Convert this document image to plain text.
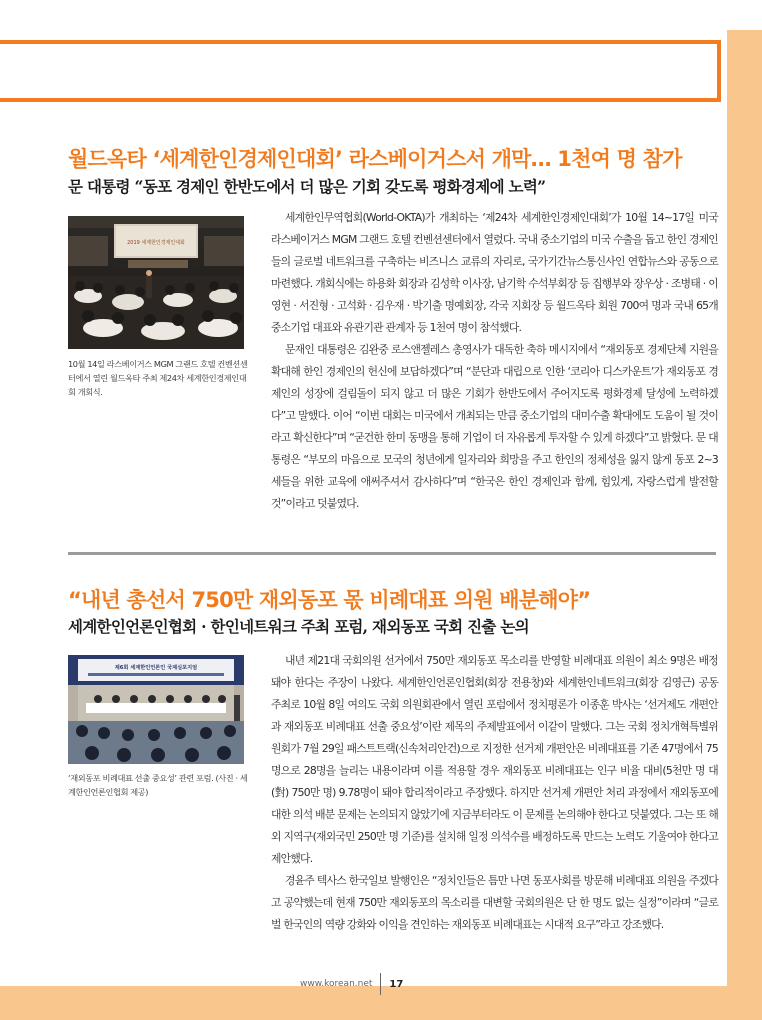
월드옥타 ‘세계한인경제인대회’ 라스베이거스서 개막… 1천여 명 참가
문 대통령 “동포 경제인 한반도에서 더 많은 기회 갖도록 평화경제에 노력”
2019 세계한인경제인대회
10월 14일 라스베이거스 MGM 그랜드 호텔 컨벤션센터에서 열린 월드옥타 주최 제24차 세계한인경제인대회 개회식.

세계한인무역협회(World-OKTA)가 개최하는 ‘제24차 세계한인경제인대회’가 10월 14~17일 미국 라스베이거스 MGM 그랜드 호텔 컨벤션센터에서 열렸다. 국내 중소기업의 미국 수출을 돕고 한인 경제인들의 글로벌 네트워크를 구축하는 비즈니스 교류의 자리로, 국가기간뉴스통신사인 연합뉴스와 공동으로 마련했다. 개회식에는 하용화 회장과 김성학 이사장, 남기학 수석부회장 등 집행부와 장우상 · 조병태 · 이영현 · 서진형 · 고석화 · 김우재 · 박기출 명예회장, 각국 지회장 등 월드옥타 회원 700여 명과 국내 65개 중소기업 대표와 유관기관 관계자 등 1천여 명이 참석했다.

문재인 대통령은 김완중 로스앤젤레스 총영사가 대독한 축하 메시지에서 “재외동포 경제단체 지원을 확대해 한인 경제인의 헌신에 보답하겠다”며 “분단과 대립으로 인한 ‘코리아 디스카운트’가 재외동포 경제인의 성장에 걸림돌이 되지 않고 더 많은 기회가 한반도에서 주어지도록 평화경제 달성에 노력하겠다”고 말했다. 이어 “이번 대회는 미국에서 개최되는 만큼 중소기업의 대미수출 확대에도 도움이 될 것이라고 확신한다”며 “굳건한 한미 동맹을 통해 기업이 더 자유롭게 투자할 수 있게 하겠다”고 밝혔다. 문 대통령은 “부모의 마음으로 모국의 청년에게 일자리와 희망을 주고 한인의 정체성을 잃지 않게 동포 2~3세들을 위한 교육에 애써주셔서 감사하다”며 “한국은 한인 경제인과 함께, 힘있게, 자랑스럽게 발전할 것”이라고 덧붙였다.

“내년 총선서 750만 재외동포 몫 비례대표 의원 배분해야”
세계한인언론인협회 · 한인네트워크 주최 포럼, 재외동포 국회 진출 논의
제6회 세계한인언론인 국제심포지엄
‘재외동포 비례대표 선출 중요성’ 관련 포럼. (사진 · 세계한인언론인협회 제공)

내년 제21대 국회의원 선거에서 750만 재외동포 목소리를 반영할 비례대표 의원이 최소 9명은 배정돼야 한다는 주장이 나왔다. 세계한인언론인협회(회장 전용창)와 세계한인네트워크(회장 김영근) 공동 주최로 10월 8일 여의도 국회 의원회관에서 열린 포럼에서 정치평론가 이종훈 박사는 ‘선거제도 개편안과 재외동포 비례대표 선출 중요성’이란 제목의 주제발표에서 이같이 말했다. 그는 국회 정치개혁특별위원회가 7월 29일 패스트트랙(신속처리안건)으로 지정한 선거제 개편안은 비례대표를 기존 47명에서 75명으로 28명을 늘리는 내용이라며 이를 적용할 경우 재외동포 비례대표는 인구 비율 대비(5천만 명 대(對) 750만 명) 9.78명이 돼야 합리적이라고 주장했다. 하지만 선거제 개편안 처리 과정에서 재외동포에 대한 의석 배분 문제는 논의되지 않았기에 지금부터라도 이 문제를 논의해야 한다고 덧붙였다. 그는 또 해외 지역구(재외국민 250만 명 기준)를 설치해 일정 의석수를 배정하도록 만드는 노력도 기울여야 한다고 제안했다.

경윤주 텍사스 한국일보 발행인은 “정치인들은 틈만 나면 동포사회를 방문해 비례대표 의원을 주겠다고 공약했는데 현재 750만 재외동포의 목소리를 대변할 국회의원은 단 한 명도 없는 실정”이라며 “글로벌 한국인의 역량 강화와 이익을 견인하는 재외동포 비례대표는 시대적 요구”라고 강조했다.

www.korean.net 17
